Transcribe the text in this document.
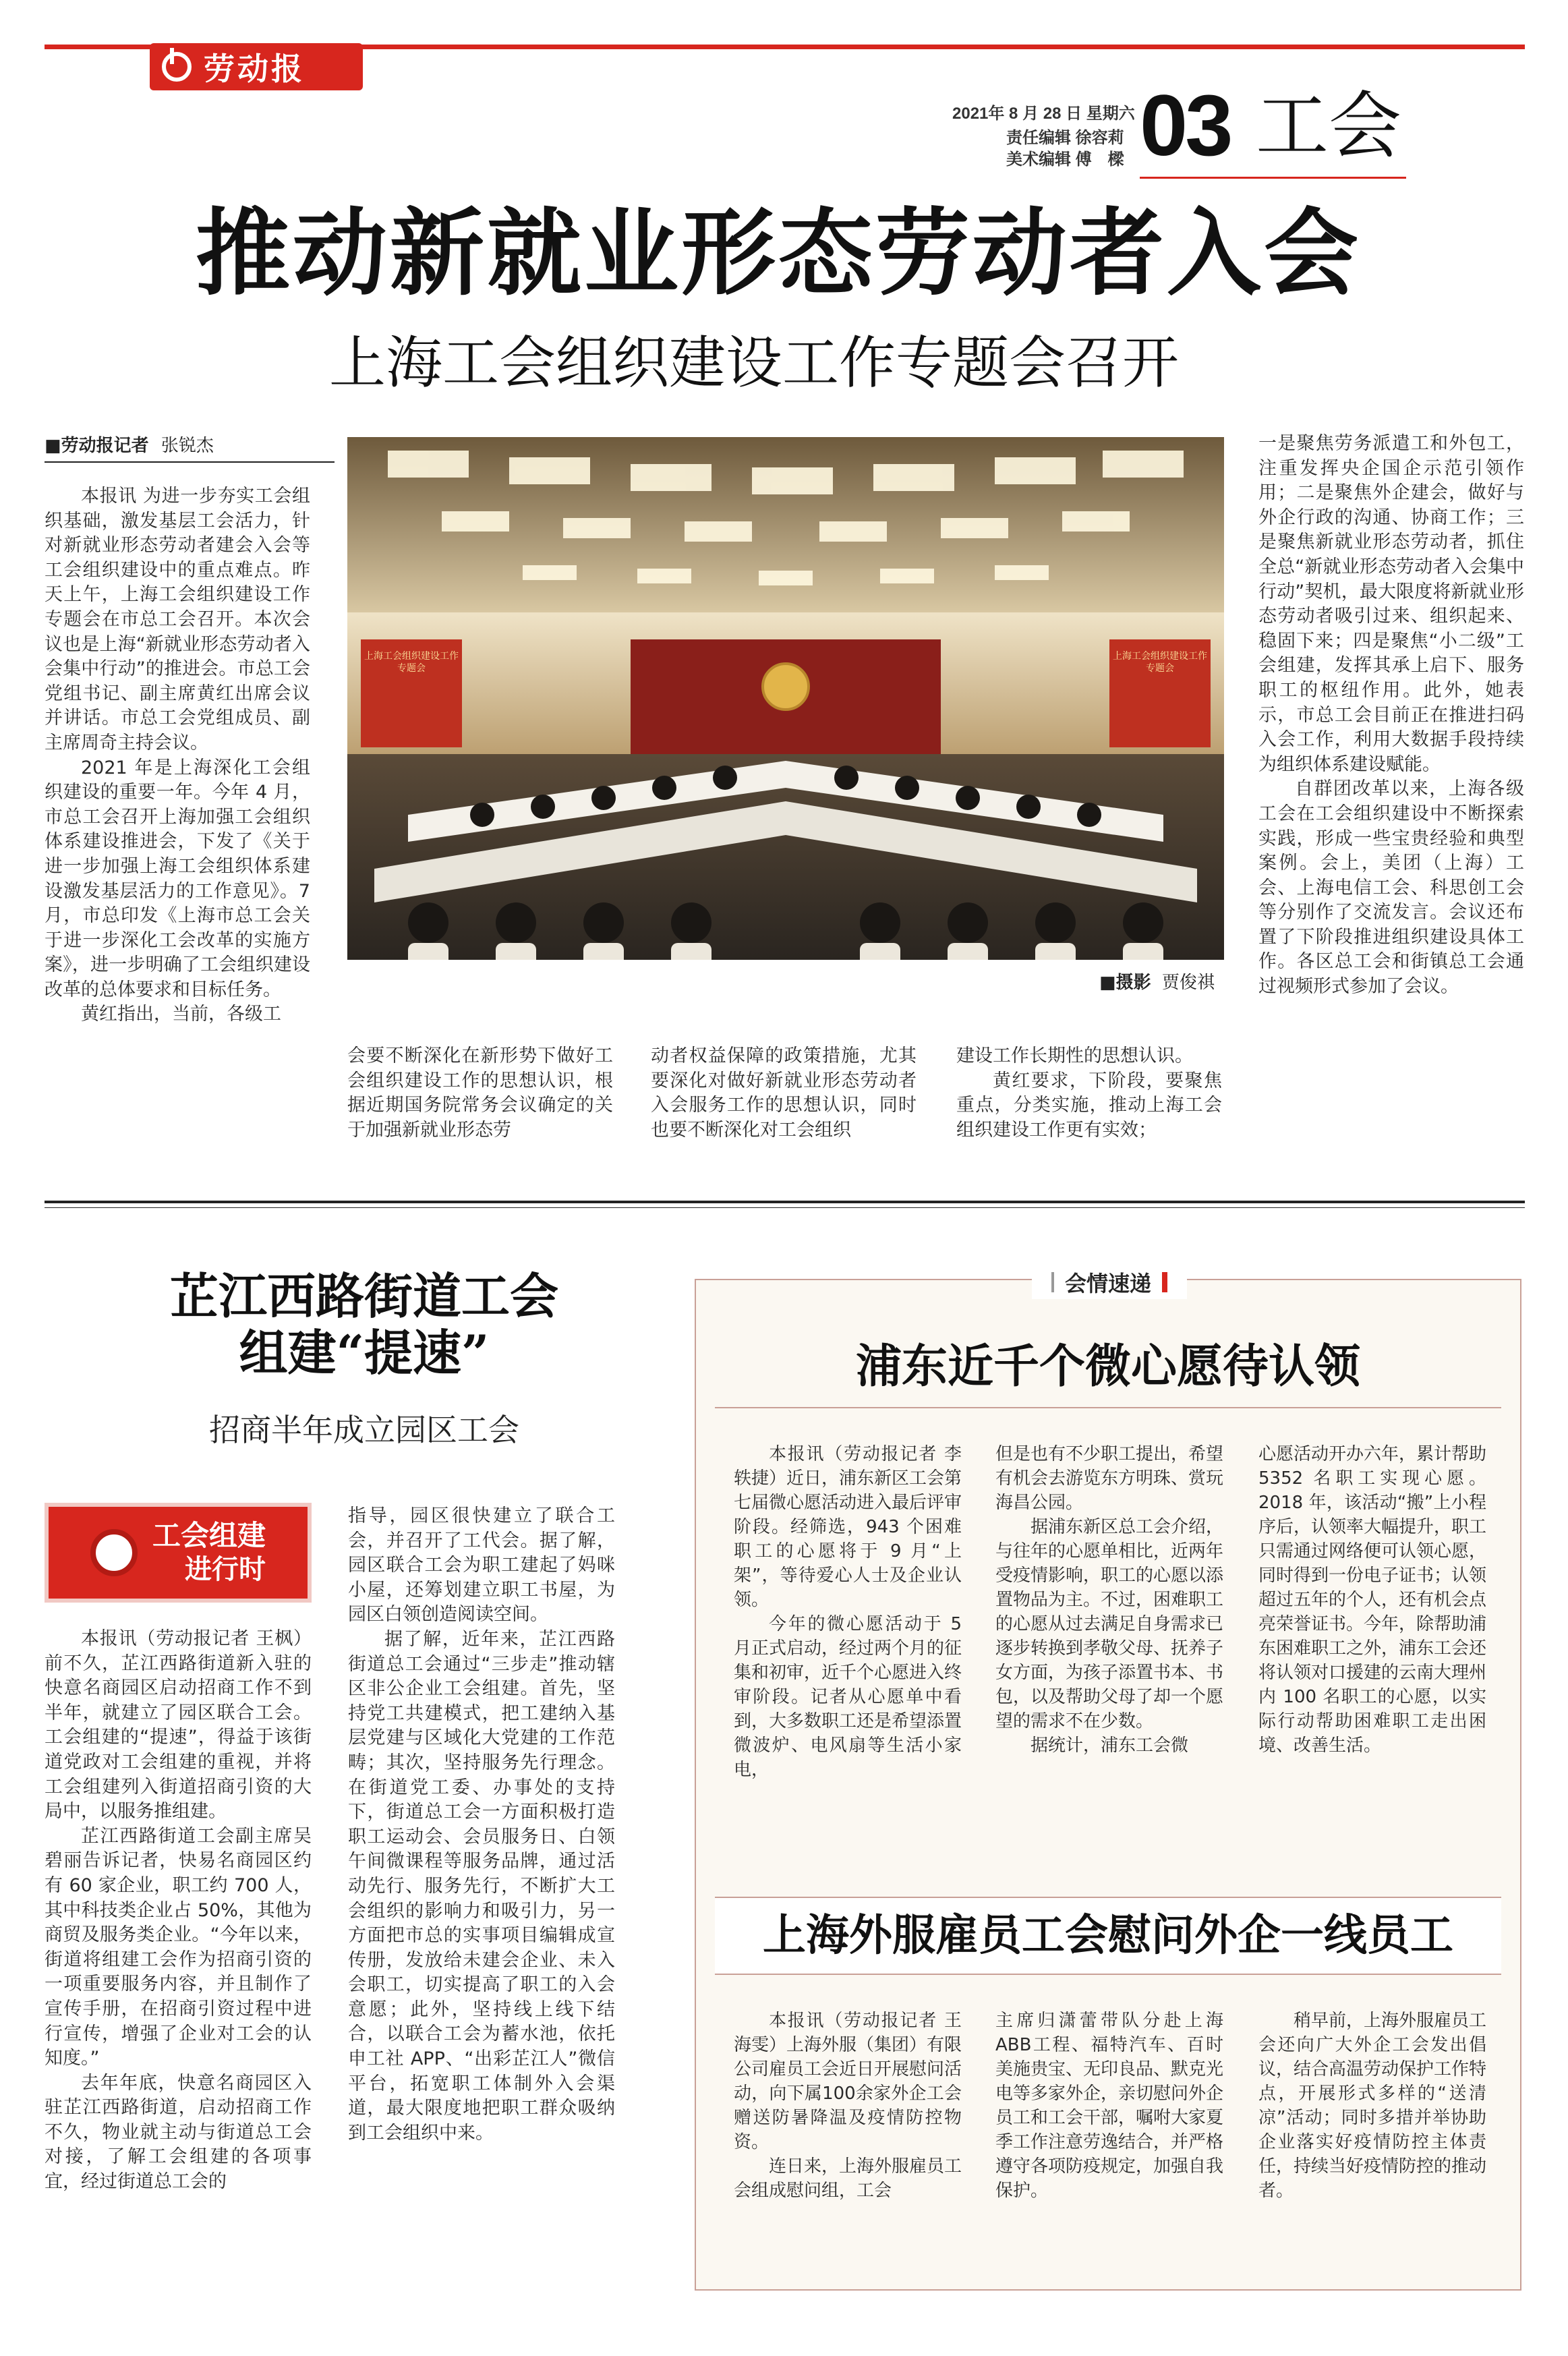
劳动报
2021年 8 月 28 日 星期六
责任编辑 徐容莉
美术编辑 傅　樑 03 工会
推动新就业形态劳动者入会
上海工会组织建设工作专题会召开
■劳动报记者 张锐杰

本报讯 为进一步夯实工会组织基础，激发基层工会活力，针对新就业形态劳动者建会入会等工会组织建设中的重点难点。昨天上午，上海工会组织建设工作专题会在市总工会召开。本次会议也是上海“新就业形态劳动者入会集中行动”的推进会。市总工会党组书记、副主席黄红出席会议并讲话。市总工会党组成员、副主席周奇主持会议。

2021 年是上海深化工会组织建设的重要一年。今年 4 月，市总工会召开上海加强工会组织体系建设推进会，下发了《关于进一步加强上海工会组织体系建设激发基层活力的工作意见》。7 月，市总印发《上海市总工会关于进一步深化工会改革的实施方案》，进一步明确了工会组织建设改革的总体要求和目标任务。

黄红指出，当前，各级工

上海工会组织建设工作专题会
上海工会组织建设工作专题会
■摄影 贾俊祺

会要不断深化在新形势下做好工会组织建设工作的思想认识，根据近期国务院常务会议确定的关于加强新就业形态劳

动者权益保障的政策措施，尤其要深化对做好新就业形态劳动者入会服务工作的思想认识，同时也要不断深化对工会组织

建设工作长期性的思想认识。

黄红要求，下阶段，要聚焦重点，分类实施，推动上海工会组织建设工作更有实效；

一是聚焦劳务派遣工和外包工，注重发挥央企国企示范引领作用；二是聚焦外企建会，做好与外企行政的沟通、协商工作；三是聚焦新就业形态劳动者，抓住全总“新就业形态劳动者入会集中行动”契机，最大限度将新就业形态劳动者吸引过来、组织起来、稳固下来；四是聚焦“小二级”工会组建，发挥其承上启下、服务职工的枢纽作用。此外，她表示，市总工会目前正在推进扫码入会工作，利用大数据手段持续为组织体系建设赋能。

自群团改革以来，上海各级工会在工会组织建设中不断探索实践，形成一些宝贵经验和典型案例。会上，美团（上海）工会、上海电信工会、科思创工会等分别作了交流发言。会议还布置了下阶段推进组织建设具体工作。各区总工会和街镇总工会通过视频形式参加了会议。

芷江西路街道工会
组建“提速”
招商半年成立园区工会
工会组建
进行时

本报讯（劳动报记者 王枫）前不久，芷江西路街道新入驻的快意名商园区启动招商工作不到半年，就建立了园区联合工会。工会组建的“提速”，得益于该街道党政对工会组建的重视，并将工会组建列入街道招商引资的大局中，以服务推组建。

芷江西路街道工会副主席吴碧丽告诉记者，快易名商园区约有 60 家企业，职工约 700 人，其中科技类企业占 50%，其他为商贸及服务类企业。“今年以来，街道将组建工会作为招商引资的一项重要服务内容，并且制作了宣传手册，在招商引资过程中进行宣传，增强了企业对工会的认知度。”

去年年底，快意名商园区入驻芷江西路街道，启动招商工作不久，物业就主动与街道总工会对接，了解工会组建的各项事宜，经过街道总工会的

指导，园区很快建立了联合工会，并召开了工代会。据了解，园区联合工会为职工建起了妈咪小屋，还筹划建立职工书屋，为园区白领创造阅读空间。

据了解，近年来，芷江西路街道总工会通过“三步走”推动辖区非公企业工会组建。首先，坚持党工共建模式，把工建纳入基层党建与区域化大党建的工作范畴；其次，坚持服务先行理念。在街道党工委、办事处的支持下，街道总工会一方面积极打造职工运动会、会员服务日、白领午间微课程等服务品牌，通过活动先行、服务先行，不断扩大工会组织的影响力和吸引力，另一方面把市总的实事项目编辑成宣传册，发放给未建会企业、未入会职工，切实提高了职工的入会意愿；此外，坚持线上线下结合，以联合工会为蓄水池，依托申工社 APP、“出彩芷江人”微信平台，拓宽职工体制外入会渠道，最大限度地把职工群众吸纳到工会组织中来。

会情速递
浦东近千个微心愿待认领

本报讯（劳动报记者 李轶捷）近日，浦东新区工会第七届微心愿活动进入最后评审阶段。经筛选，943 个困难职工的心愿将于 9 月“上架”，等待爱心人士及企业认领。

今年的微心愿活动于 5 月正式启动，经过两个月的征集和初审，近千个心愿进入终审阶段。记者从心愿单中看到，大多数职工还是希望添置微波炉、电风扇等生活小家电，

但是也有不少职工提出，希望有机会去游览东方明珠、赏玩海昌公园。

据浦东新区总工会介绍，与往年的心愿单相比，近两年受疫情影响，职工的心愿以添置物品为主。不过，困难职工的心愿从过去满足自身需求已逐步转换到孝敬父母、抚养子女方面，为孩子添置书本、书包，以及帮助父母了却一个愿望的需求不在少数。

据统计，浦东工会微

心愿活动开办六年，累计帮助 5352 名职工实现心愿。2018 年，该活动“搬”上小程序后，认领率大幅提升，职工只需通过网络便可认领心愿，同时得到一份电子证书；认领超过五年的个人，还有机会点亮荣誉证书。今年，除帮助浦东困难职工之外，浦东工会还将认领对口援建的云南大理州内 100 名职工的心愿，以实际行动帮助困难职工走出困境、改善生活。

上海外服雇员工会慰问外企一线员工

本报讯（劳动报记者 王海雯）上海外服（集团）有限公司雇员工会近日开展慰问活动，向下属100余家外企工会赠送防暑降温及疫情防控物资。

连日来，上海外服雇员工会组成慰问组，工会

主席归潇蕾带队分赴上海ABB工程、福特汽车、百时美施贵宝、无印良品、默克光电等多家外企，亲切慰问外企员工和工会干部，嘱咐大家夏季工作注意劳逸结合，并严格遵守各项防疫规定，加强自我保护。

稍早前，上海外服雇员工会还向广大外企工会发出倡议，结合高温劳动保护工作特点，开展形式多样的“送清凉”活动；同时多措并举协助企业落实好疫情防控主体责任，持续当好疫情防控的推动者。
